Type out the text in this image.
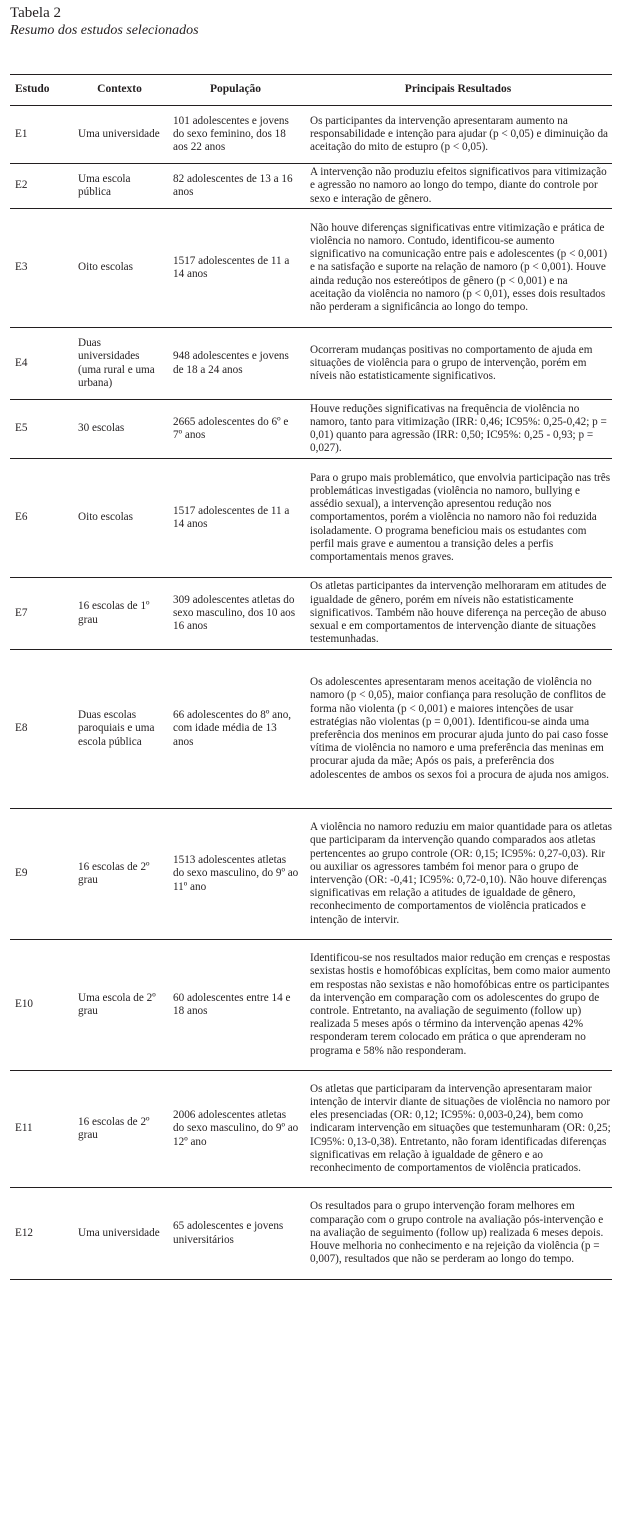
Tabela 2
Resumo dos estudos selecionados
Estudo	Contexto	População	Principais Resultados
E1	Uma universidade	101 adolescentes e jovens do sexo feminino, dos 18 aos 22 anos	Os participantes da intervenção apresentaram aumento na responsabilidade e intenção para ajudar (p < 0,05) e diminuição da aceitação do mito de estupro (p < 0,05).
E2	Uma escola pública	82 adolescentes de 13 a 16 anos	A intervenção não produziu efeitos significativos para vitimização e agressão no namoro ao longo do tempo, diante do controle por sexo e interação de gênero.
E3	Oito escolas	1517 adolescentes de 11 a 14 anos	Não houve diferenças significativas entre vitimização e prática de violência no namoro. Contudo, identificou-se aumento significativo na comunicação entre pais e adolescentes (p < 0,001) e na satisfação e suporte na relação de namoro (p < 0,001). Houve ainda redução nos estereótipos de gênero (p < 0,001) e na aceitação da violência no namoro (p < 0,01), esses dois resultados não perderam a significância ao longo do tempo.
E4	Duas universidades (uma rural e uma urbana)	948 adolescentes e jovens de 18 a 24 anos	Ocorreram mudanças positivas no comportamento de ajuda em situações de violência para o grupo de intervenção, porém em níveis não estatisticamente significativos.
E5	30 escolas	2665 adolescentes do 6º e 7º anos	Houve reduções significativas na frequência de violência no namoro, tanto para vitimização (IRR: 0,46; IC95%: 0,25-0,42; p = 0,01) quanto para agressão (IRR: 0,50; IC95%: 0,25 - 0,93; p = 0,027).
E6	Oito escolas	1517 adolescentes de 11 a 14 anos	Para o grupo mais problemático, que envolvia participação nas três problemáticas investigadas (violência no namoro, bullying e assédio sexual), a intervenção apresentou redução nos comportamentos, porém a violência no namoro não foi reduzida isoladamente. O programa beneficiou mais os estudantes com perfil mais grave e aumentou a transição deles a perfis comportamentais menos graves.
E7	16 escolas de 1º grau	309 adolescentes atletas do sexo masculino, dos 10 aos 16 anos	Os atletas participantes da intervenção melhoraram em atitudes de igualdade de gênero, porém em níveis não estatisticamente significativos. Também não houve diferença na perceção de abuso sexual e em comportamentos de intervenção diante de situações testemunhadas.
E8	Duas escolas paroquiais e uma escola pública	66 adolescentes do 8º ano, com idade média de 13 anos	Os adolescentes apresentaram menos aceitação de violência no namoro (p < 0,05), maior confiança para resolução de conflitos de forma não violenta (p < 0,001) e maiores intenções de usar estratégias não violentas (p = 0,001). Identificou-se ainda uma preferência dos meninos em procurar ajuda junto do pai caso fosse vítima de violência no namoro e uma preferência das meninas em procurar ajuda da mãe; Após os pais, a preferência dos adolescentes de ambos os sexos foi a procura de ajuda nos amigos.
E9	16 escolas de 2º grau	1513 adolescentes atletas do sexo masculino, do 9º ao 11º ano	A violência no namoro reduziu em maior quantidade para os atletas que participaram da intervenção quando comparados aos atletas pertencentes ao grupo controle (OR: 0,15; IC95%: 0,27-0,03). Rir ou auxiliar os agressores também foi menor para o grupo de intervenção (OR: -0,41; IC95%: 0,72-0,10). Não houve diferenças significativas em relação a atitudes de igualdade de gênero, reconhecimento de comportamentos de violência praticados e intenção de intervir.
E10	Uma escola de 2º grau	60 adolescentes entre 14 e 18 anos	Identificou-se nos resultados maior redução em crenças e respostas sexistas hostis e homofóbicas explícitas, bem como maior aumento em respostas não sexistas e não homofóbicas entre os participantes da intervenção em comparação com os adolescentes do grupo de controle. Entretanto, na avaliação de seguimento (follow up) realizada 5 meses após o término da intervenção apenas 42% responderam terem colocado em prática o que aprenderam no programa e 58% não responderam.
E11	16 escolas de 2º grau	2006 adolescentes atletas do sexo masculino, do 9º ao 12º ano	Os atletas que participaram da intervenção apresentaram maior intenção de intervir diante de situações de violência no namoro por eles presenciadas (OR: 0,12; IC95%: 0,003-0,24), bem como indicaram intervenção em situações que testemunharam (OR: 0,25; IC95%: 0,13-0,38). Entretanto, não foram identificadas diferenças significativas em relação à igualdade de gênero e ao reconhecimento de comportamentos de violência praticados.
E12	Uma universidade	65 adolescentes e jovens universitários	Os resultados para o grupo intervenção foram melhores em comparação com o grupo controle na avaliação pós-intervenção e na avaliação de seguimento (follow up) realizada 6 meses depois. Houve melhoria no conhecimento e na rejeição da violência (p = 0,007), resultados que não se perderam ao longo do tempo.
